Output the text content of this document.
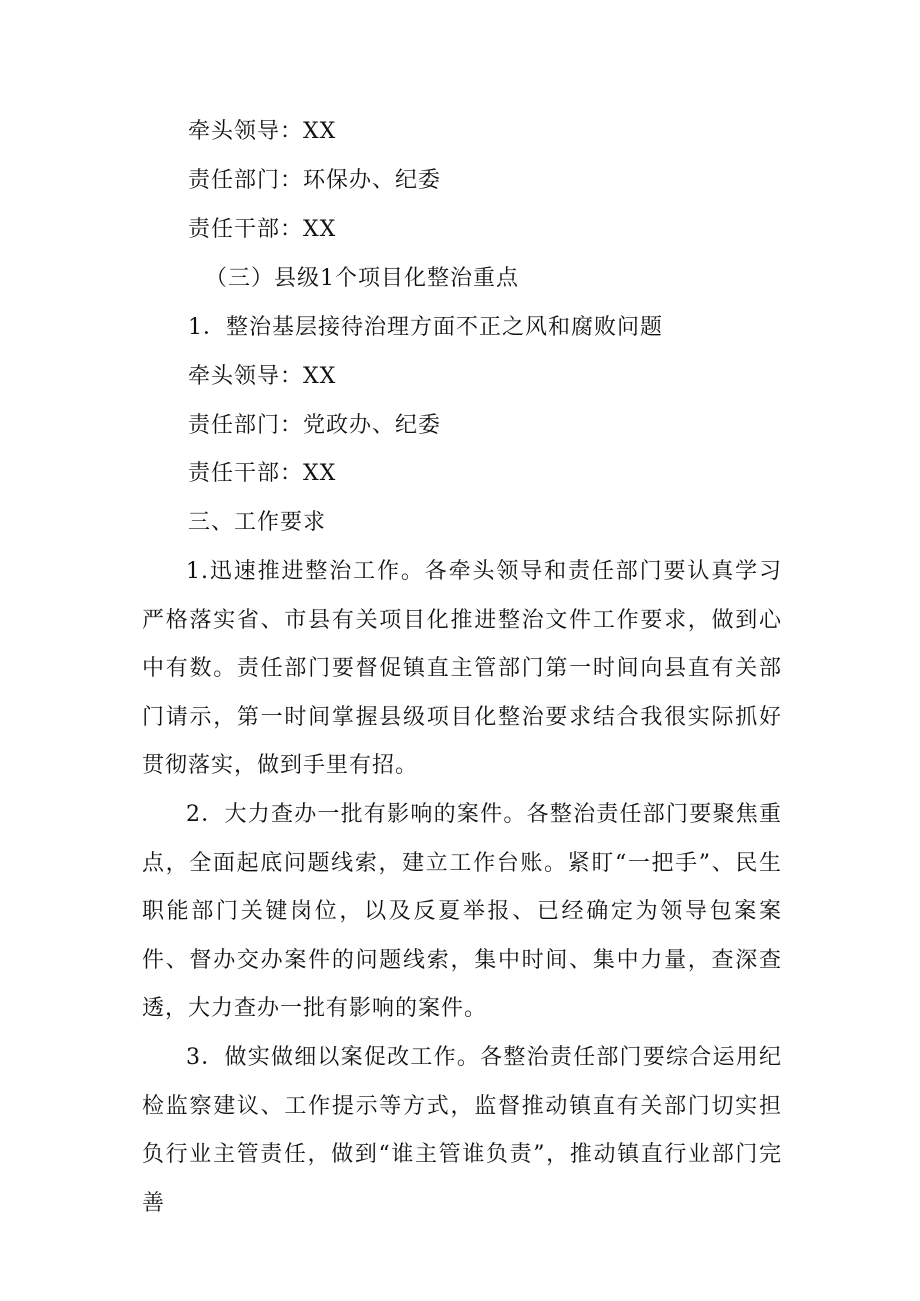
牵头领导：XX
责任部门：环保办、纪委
责任干部：XX
（三）县级1个项目化整治重点
1．整治基层接待治理方面不正之风和腐败问题
牵头领导：XX
责任部门：党政办、纪委
责任干部：XX
三、工作要求
1.迅速推进整治工作。各牵头领导和责任部门要认真学习严格落实省、市县有关项目化推进整治文件工作要求，做到心中有数。责任部门要督促镇直主管部门第一时间向县直有关部门请示，第一时间掌握县级项目化整治要求结合我很实际抓好贯彻落实，做到手里有招。
2．大力查办一批有影响的案件。各整治责任部门要聚焦重点，全面起底问题线索，建立工作台账。紧盯“一把手”、民生职能部门关键岗位，以及反夏举报、已经确定为领导包案案件、督办交办案件的问题线索，集中时间、集中力量，查深查透，大力查办一批有影响的案件。
3．做实做细以案促改工作。各整治责任部门要综合运用纪检监察建议、工作提示等方式，监督推动镇直有关部门切实担负行业主管责任，做到“谁主管谁负责”，推动镇直行业部门完善
